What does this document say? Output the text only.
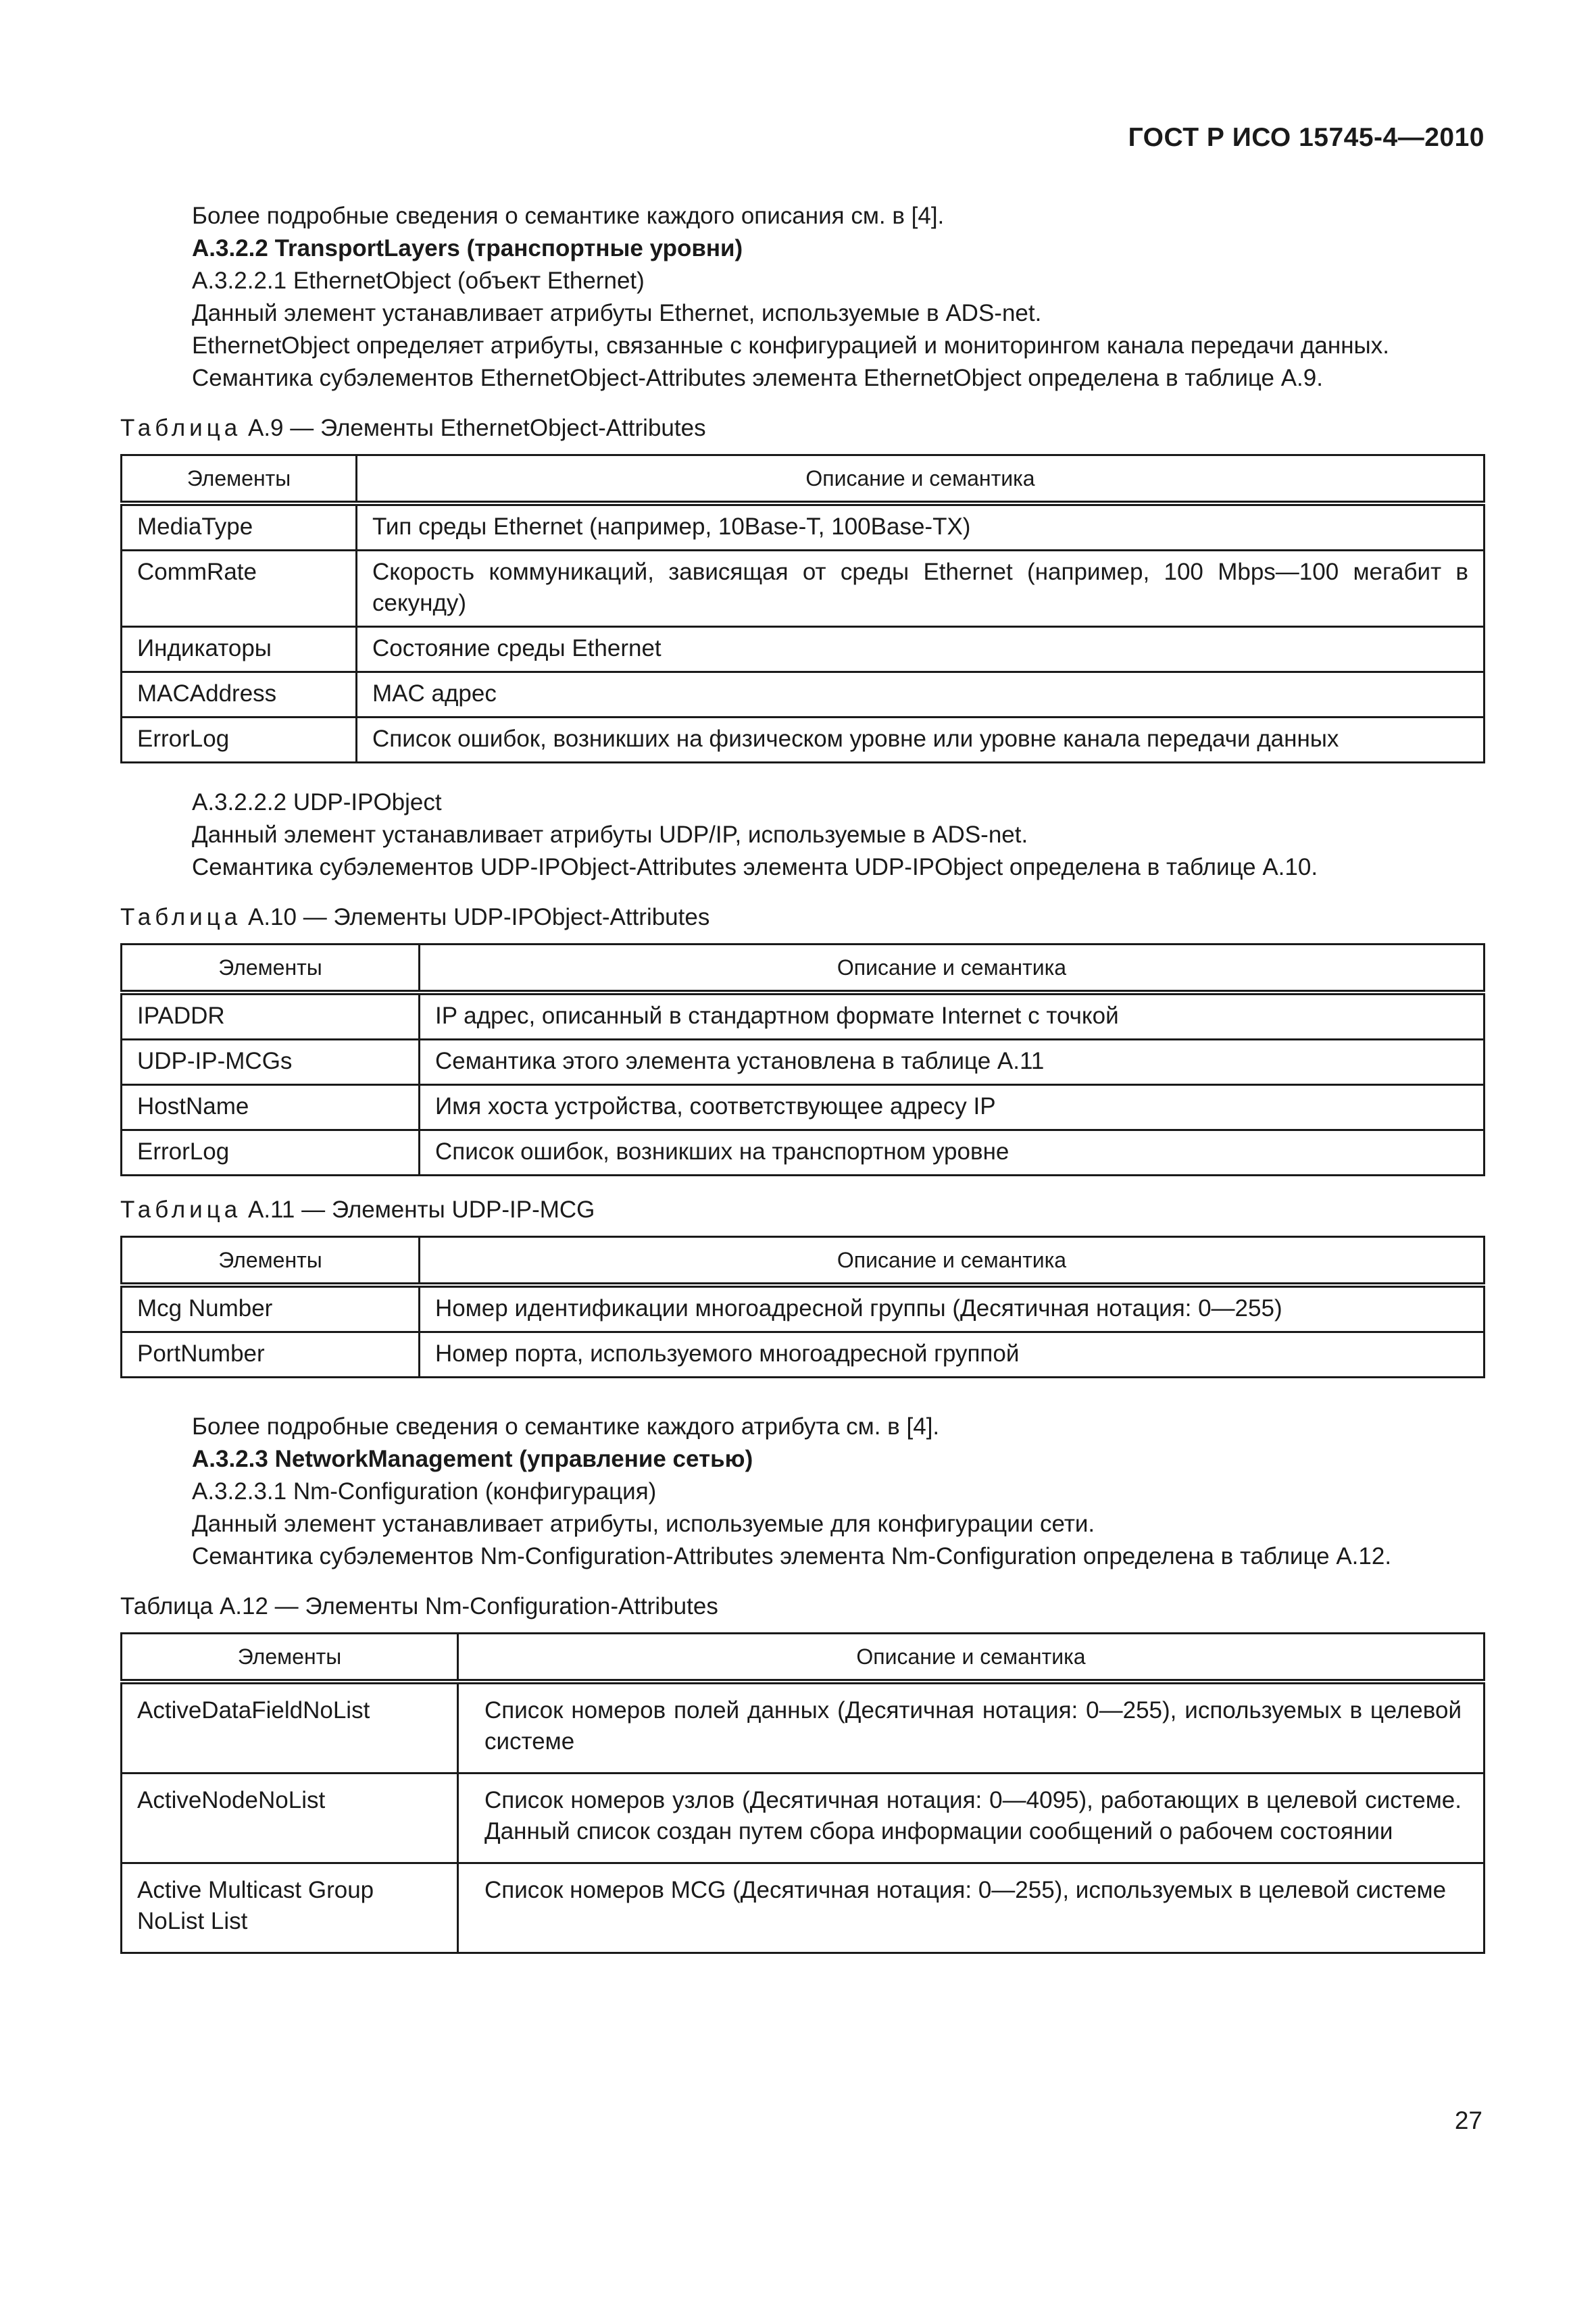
ГОСТ Р ИСО 15745-4—2010

Более подробные сведения о семантике каждого описания см. в [4].

A.3.2.2 TransportLayers (транспортные уровни)

A.3.2.2.1 EthernetObject (объект Ethernet)

Данный элемент устанавливает атрибуты Ethernet, используемые в ADS-net.

EthernetObject определяет атрибуты, связанные с конфигурацией и мониторингом канала передачи данных.

Семантика субэлементов EthernetObject-Attributes элемента EthernetObject определена в таблице А.9.

Таблица А.9 — Элементы EthernetObject-Attributes
Элементы	Описание и семантика
MediaType	Тип среды Ethernet (например, 10Base-T, 100Base-TX)
CommRate	Скорость коммуникаций, зависящая от среды Ethernet (например, 100 Mbps—100 мегабит в секунду)
Индикаторы	Состояние среды Ethernet
MACAddress	MAC адрес
ErrorLog	Список ошибок, возникших на физическом уровне или уровне канала передачи данных

A.3.2.2.2 UDP-IPObject

Данный элемент устанавливает атрибуты UDP/IP, используемые в ADS-net.

Семантика субэлементов UDP-IPObject-Attributes элемента UDP-IPObject определена в таблице А.10.

Таблица А.10 — Элементы UDP-IPObject-Attributes
Элементы	Описание и семантика
IPADDR	IP адрес, описанный в стандартном формате Internet с точкой
UDP-IP-MCGs	Семантика этого элемента установлена в таблице А.11
HostName	Имя хоста устройства, соответствующее адресу IP
ErrorLog	Список ошибок, возникших на транспортном уровне
Таблица А.11 — Элементы UDP-IP-MCG
Элементы	Описание и семантика
Mcg Number	Номер идентификации многоадресной группы (Десятичная нотация: 0—255)
PortNumber	Номер порта, используемого многоадресной группой

Более подробные сведения о семантике каждого атрибута см. в [4].

A.3.2.3 NetworkManagement (управление сетью)

A.3.2.3.1 Nm-Configuration (конфигурация)

Данный элемент устанавливает атрибуты, используемые для конфигурации сети.

Семантика субэлементов Nm-Configuration-Attributes элемента Nm-Configuration определена в таблице А.12.

Таблица А.12 — Элементы Nm-Configuration-Attributes
Элементы	Описание и семантика
ActiveDataFieldNoList	Список номеров полей данных (Десятичная нотация: 0—255), используемых в целевой системе
ActiveNodeNoList	Список номеров узлов (Десятичная нотация: 0—4095), работающих в целевой системе. Данный список создан путем сбора информации сообщений о рабочем состоянии
Active Multicast Group NoList List	Список номеров MCG (Десятичная нотация: 0—255), используемых в целевой системе
27
